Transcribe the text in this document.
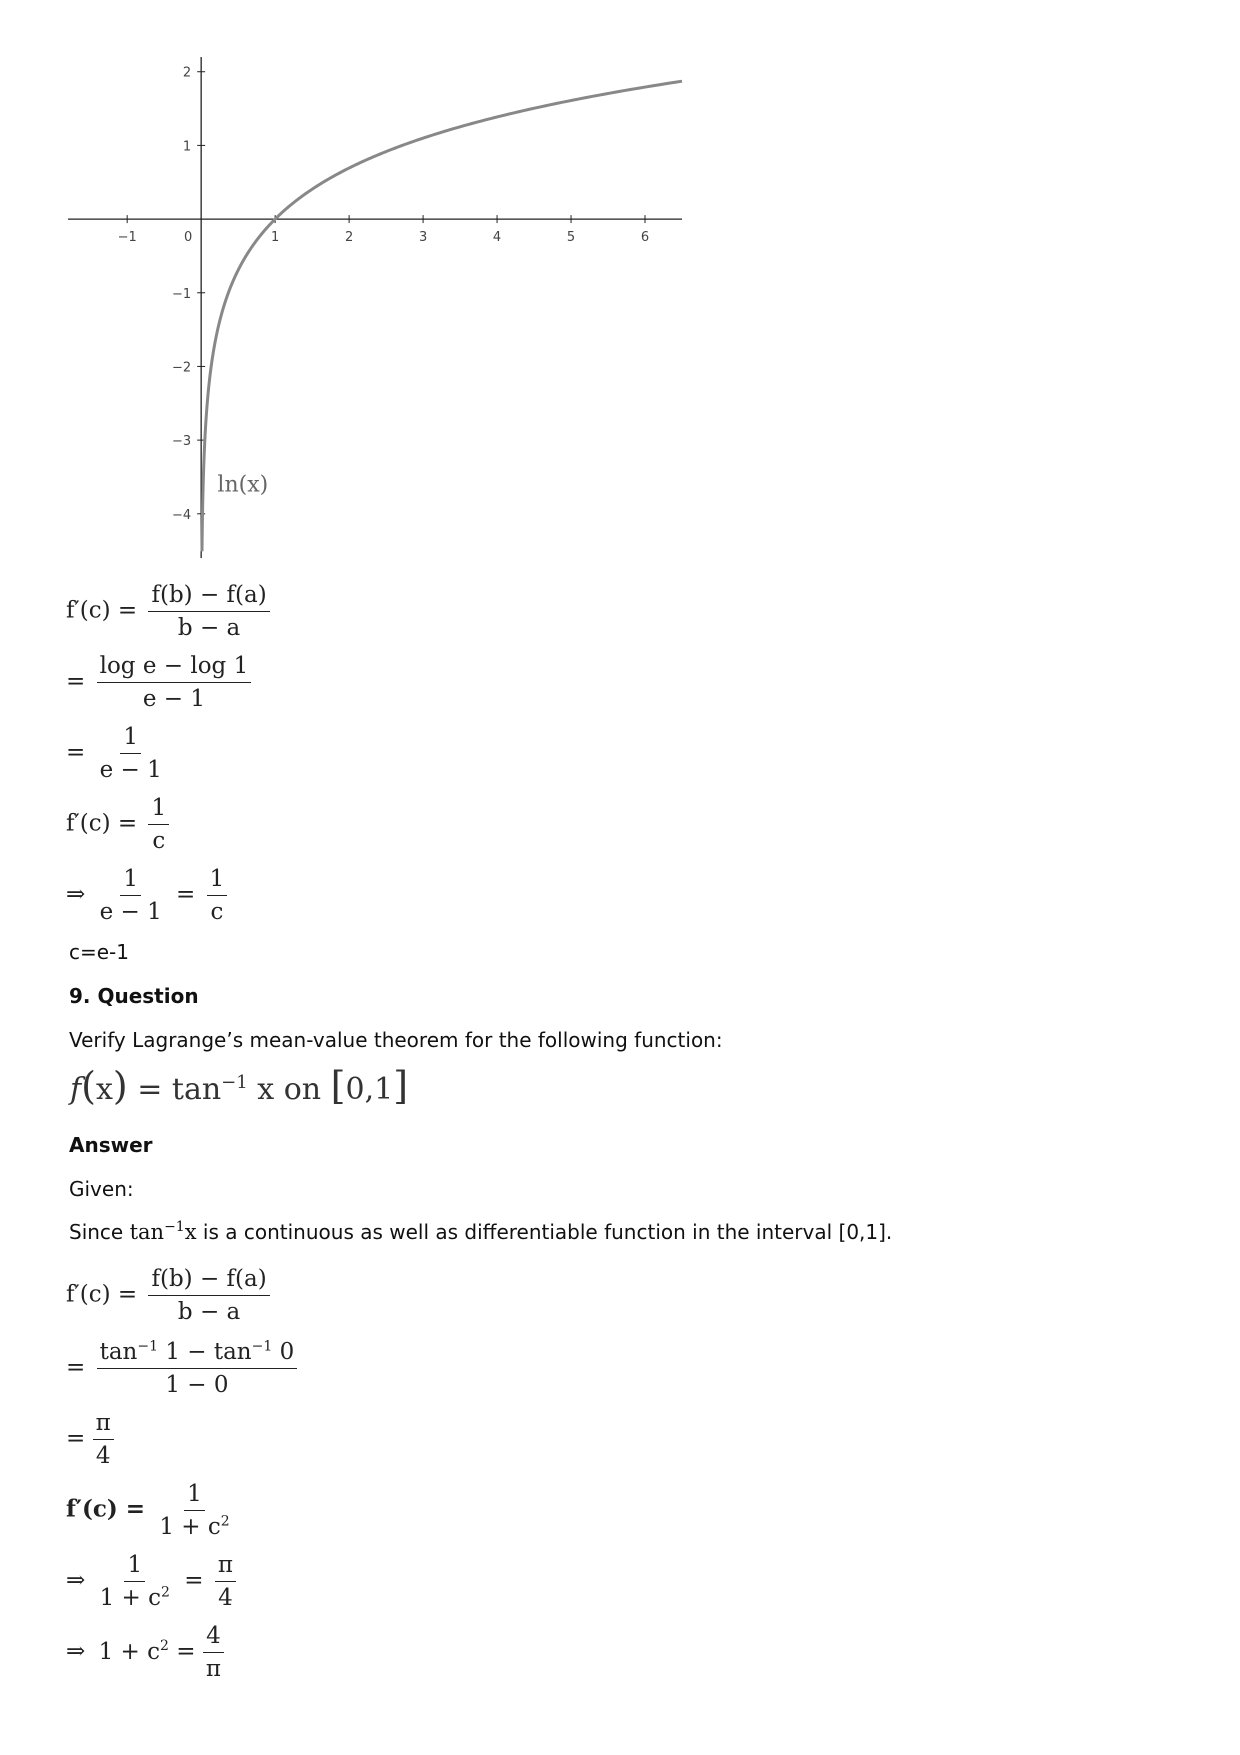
−1	0	1	2	3	4	5	6
2
1
−1
−2
−3
−4
ln(x)
$f'(c) = \frac{f(b) - f(a)}{b - a}$
= $\frac{\text{log e − log 1}}{e - 1}$
= $\frac{1}{e - 1}$
$f'(c) = \frac{1}{c}$
⇒ $\frac{1}{e - 1} = \frac{1}{c}$
c=e-1
9. Question
Verify Lagrange’s mean-value theorem for the following function:
$f(x) = \tan^{-1} x$ on [0,1]
Answer
Given:
Since $\tan^{-1}x$ is a continuous as well as differentiable function in the interval [0,1].
$f'(c) = \frac{f(b) - f(a)}{b - a}$
= $\frac{\tan^{-1} 1 - \tan^{-1} 0}{1 - 0}$
= $\frac{\pi}{4}$
$f'(c) = \frac{1}{1 + c^2}$
⇒ $\frac{1}{1 + c^2} = \frac{\pi}{4}$
⇒ $1 + c^2 = \frac{4}{\pi}$
